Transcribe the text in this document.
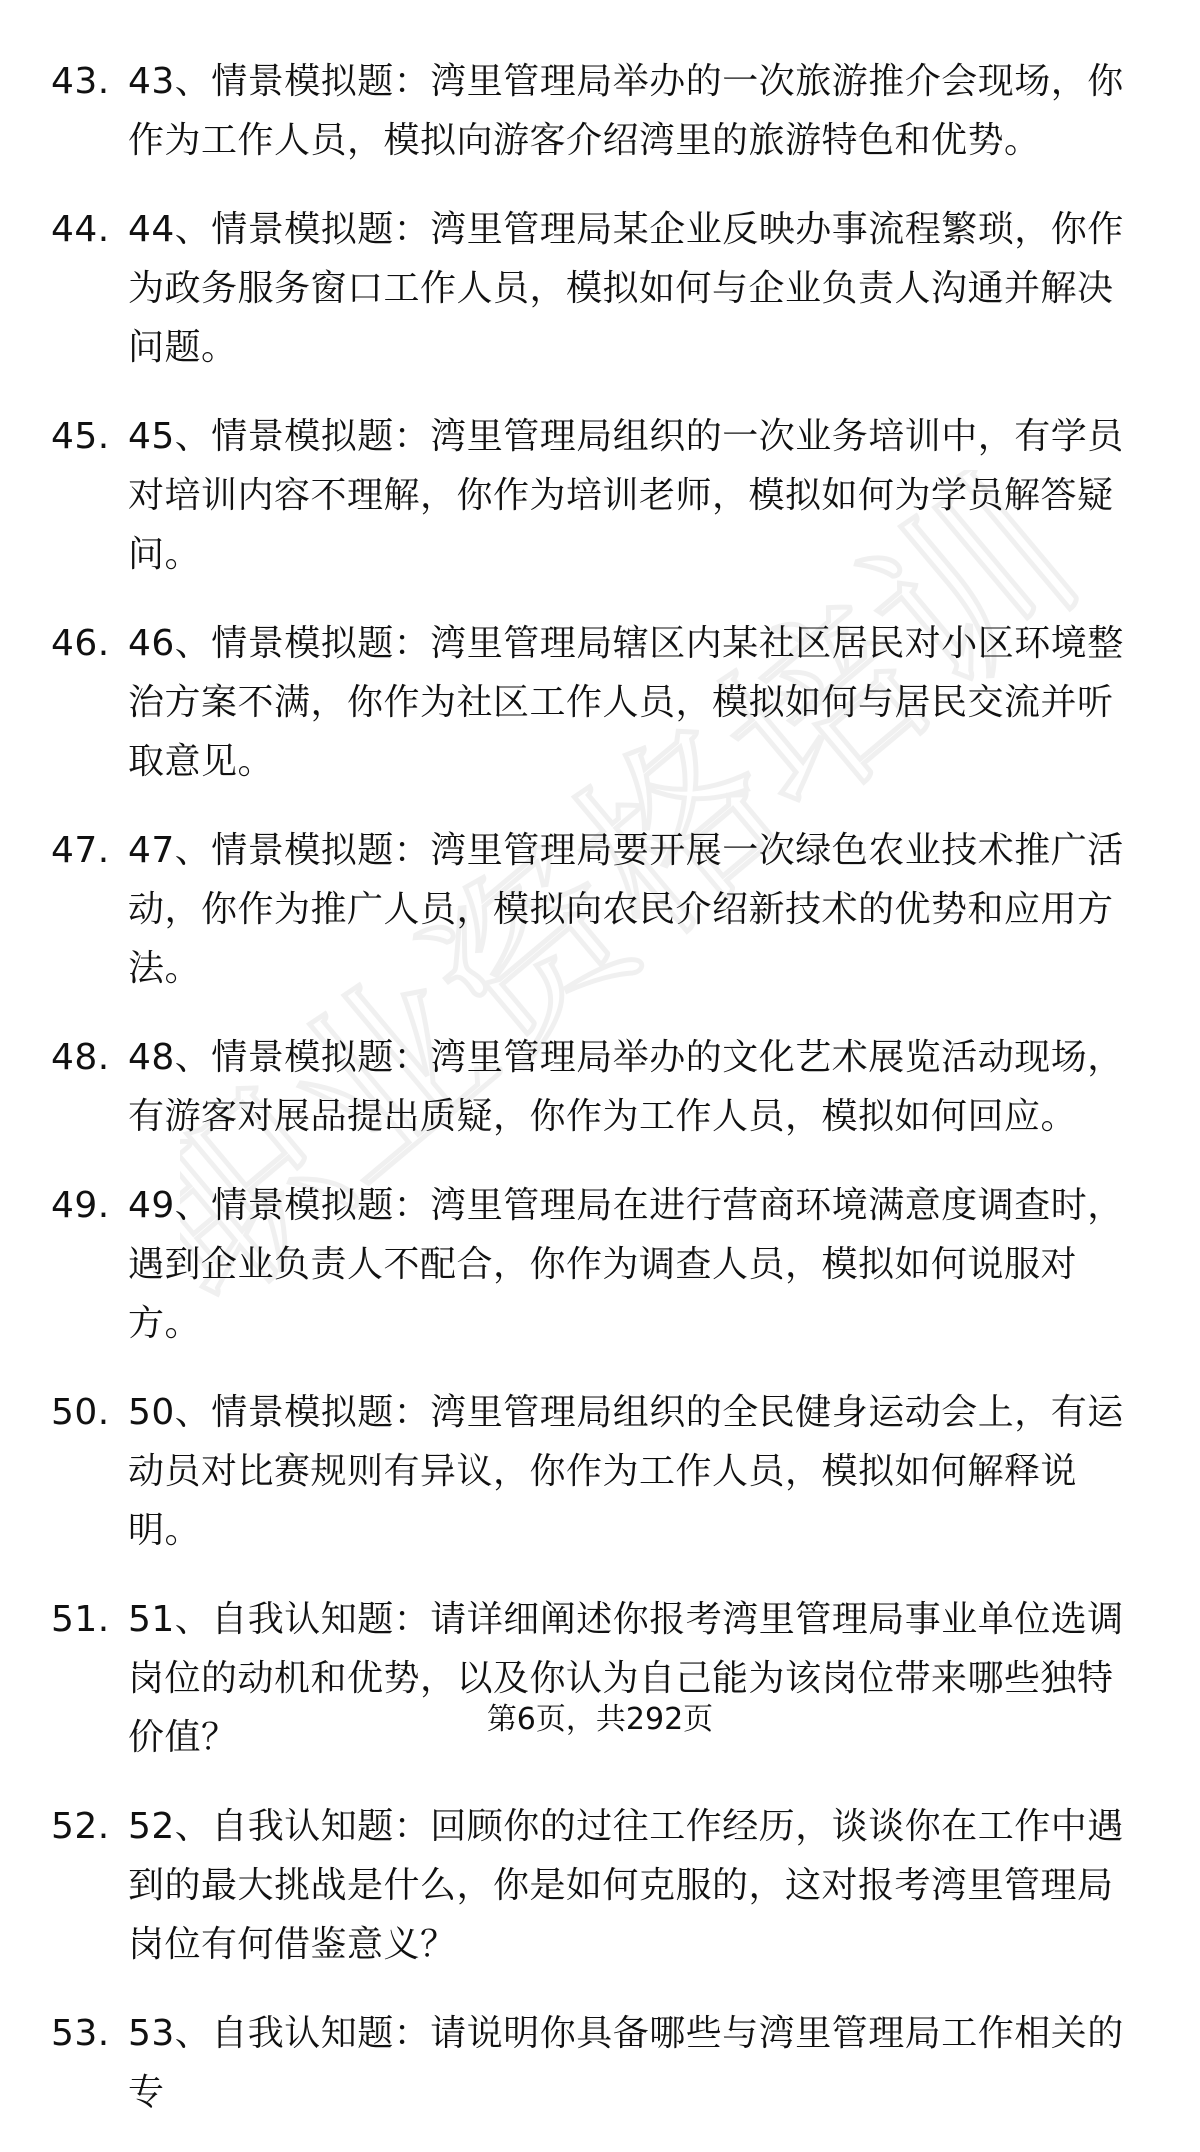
职业资格培训
43. 43、情景模拟题：湾里管理局举办的一次旅游推介会现场，你作为工作人员，模拟向游客介绍湾里的旅游特色和优势。
44. 44、情景模拟题：湾里管理局某企业反映办事流程繁琐，你作为政务服务窗口工作人员，模拟如何与企业负责人沟通并解决问题。
45. 45、情景模拟题：湾里管理局组织的一次业务培训中，有学员对培训内容不理解，你作为培训老师，模拟如何为学员解答疑问。
46. 46、情景模拟题：湾里管理局辖区内某社区居民对小区环境整治方案不满，你作为社区工作人员，模拟如何与居民交流并听取意见。
47. 47、情景模拟题：湾里管理局要开展一次绿色农业技术推广活动，你作为推广人员，模拟向农民介绍新技术的优势和应用方法。
48. 48、情景模拟题：湾里管理局举办的文化艺术展览活动现场，有游客对展品提出质疑，你作为工作人员，模拟如何回应。
49. 49、情景模拟题：湾里管理局在进行营商环境满意度调查时，遇到企业负责人不配合，你作为调查人员，模拟如何说服对方。
50. 50、情景模拟题：湾里管理局组织的全民健身运动会上，有运动员对比赛规则有异议，你作为工作人员，模拟如何解释说明。
51. 51、自我认知题：请详细阐述你报考湾里管理局事业单位选调岗位的动机和优势，以及你认为自己能为该岗位带来哪些独特价值？
52. 52、自我认知题：回顾你的过往工作经历，谈谈你在工作中遇到的最大挑战是什么，你是如何克服的，这对报考湾里管理局岗位有何借鉴意义？
53. 53、自我认知题：请说明你具备哪些与湾里管理局工作相关的专
第6页，共292页
